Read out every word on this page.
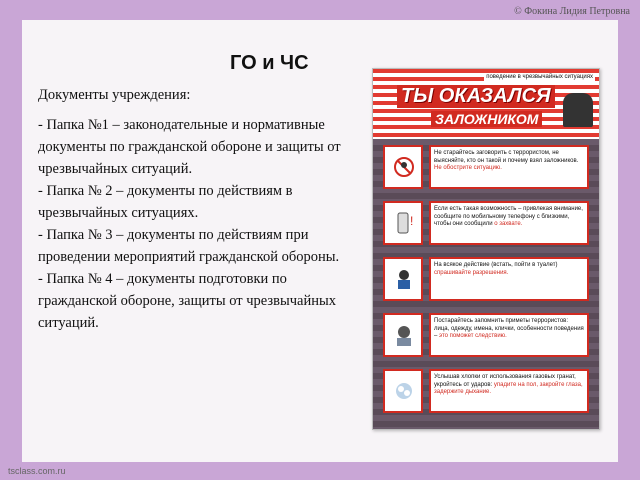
© Фокина Лидия Петровна
tsclass.com.ru
ГО и ЧС

Документы учреждения:

- Папка №1 – законодательные и нормативные документы по гражданской обороне и защиты от чрезвычайных ситуаций.
- Папка № 2 – документы по действиям в чрезвычайных ситуациях.
- Папка № 3 – документы по действиям при проведении мероприятий гражданской обороны.
- Папка № 4 – документы подготовки по гражданской обороне, защиты от чрезвычайных ситуаций.
поведение в чрезвычайных ситуациях
ТЫ ОКАЗАЛСЯ
ЗАЛОЖНИКОМ
Не старайтесь заговорить с террористом, не выясняйте, кто он такой и почему взял заложников. Не обострите ситуацию.
!
Если есть такая возможность – привлекая внимание, сообщите по мобильному телефону с близкими, чтобы они сообщили о захвате.
На всякое действие (встать, пойти в туалет) спрашивайте разрешения.
Постарайтесь запомнить приметы террористов: лица, одежду, имена, клички, особенности поведения – это поможет следствию.
Услышав хлопки от использования газовых гранат, укройтесь от ударов: упадите на пол, закройте глаза, задержите дыхание.
